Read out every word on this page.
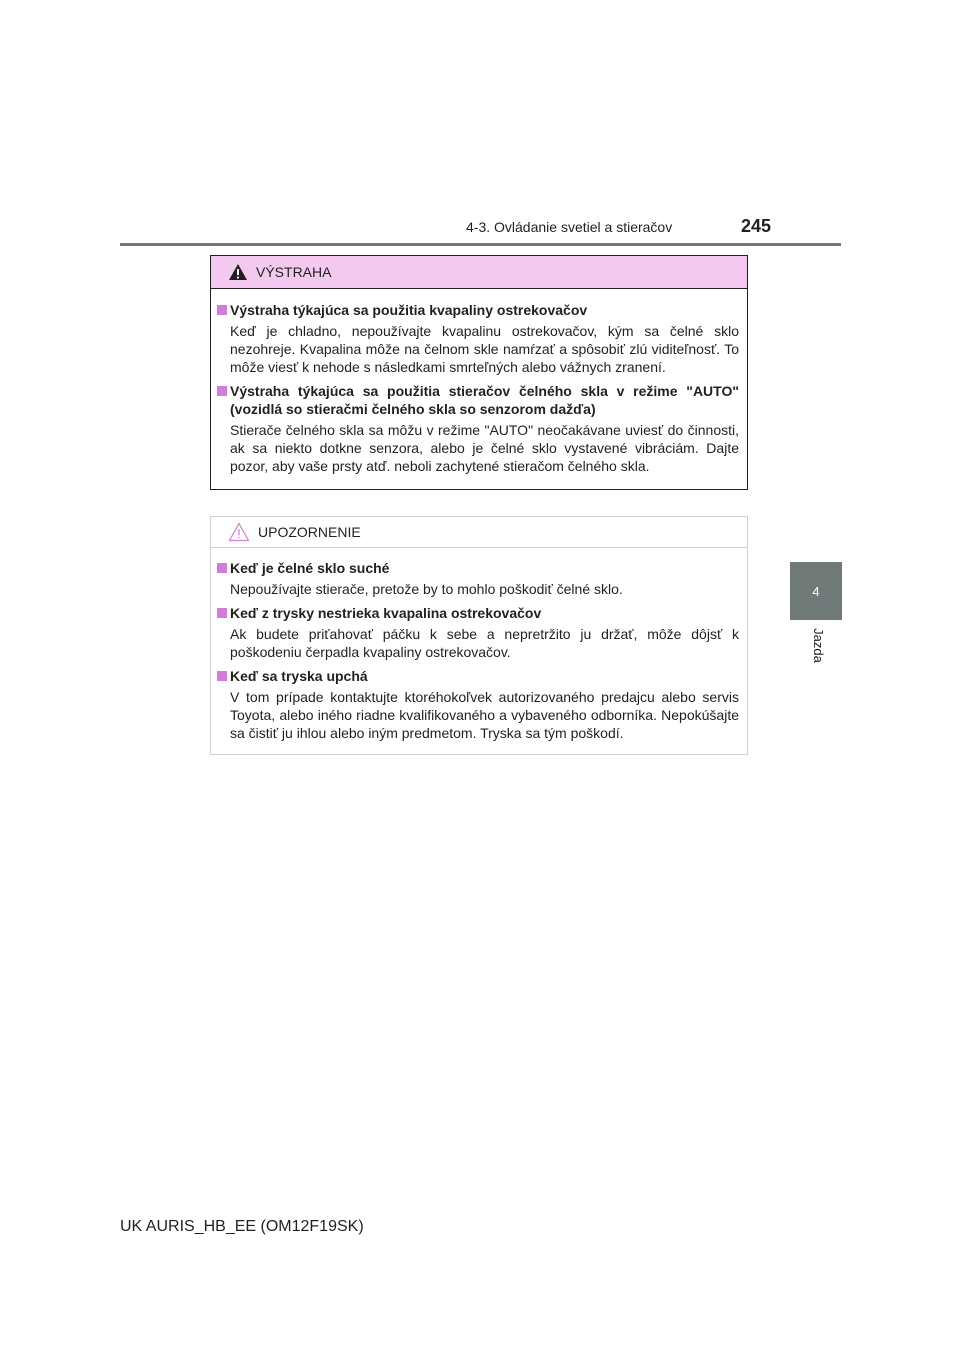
4-3. Ovládanie svetiel a stieračov	245
4
Jazda
VÝSTRAHA
Výstraha týkajúca sa použitia kvapaliny ostrekovačov
Keď je chladno, nepoužívajte kvapalinu ostrekovačov, kým sa čelné sklo nezohreje. Kvapalina môže na čelnom skle namŕzať a spôsobiť zlú viditeľnosť. To môže viesť k nehode s následkami smrteľných alebo vážnych zranení.
Výstraha týkajúca sa použitia stieračov čelného skla v režime "AUTO" (vozidlá so stieračmi čelného skla so senzorom dažďa)
Stierače čelného skla sa môžu v režime "AUTO" neočakávane uviesť do činnosti, ak sa niekto dotkne senzora, alebo je čelné sklo vystavené vibráciám. Dajte pozor, aby vaše prsty atď. neboli zachytené stieračom čelného skla.
UPOZORNENIE
Keď je čelné sklo suché
Nepoužívajte stierače, pretože by to mohlo poškodiť čelné sklo.
Keď z trysky nestrieka kvapalina ostrekovačov
Ak budete priťahovať páčku k sebe a nepretržito ju držať, môže dôjsť k poškodeniu čerpadla kvapaliny ostrekovačov.
Keď sa tryska upchá
V tom prípade kontaktujte ktoréhokoľvek autorizovaného predajcu alebo servis Toyota, alebo iného riadne kvalifikovaného a vybaveného odborníka. Nepokúšajte sa čistiť ju ihlou alebo iným predmetom. Tryska sa tým poškodí.
UK AURIS_HB_EE (OM12F19SK)
